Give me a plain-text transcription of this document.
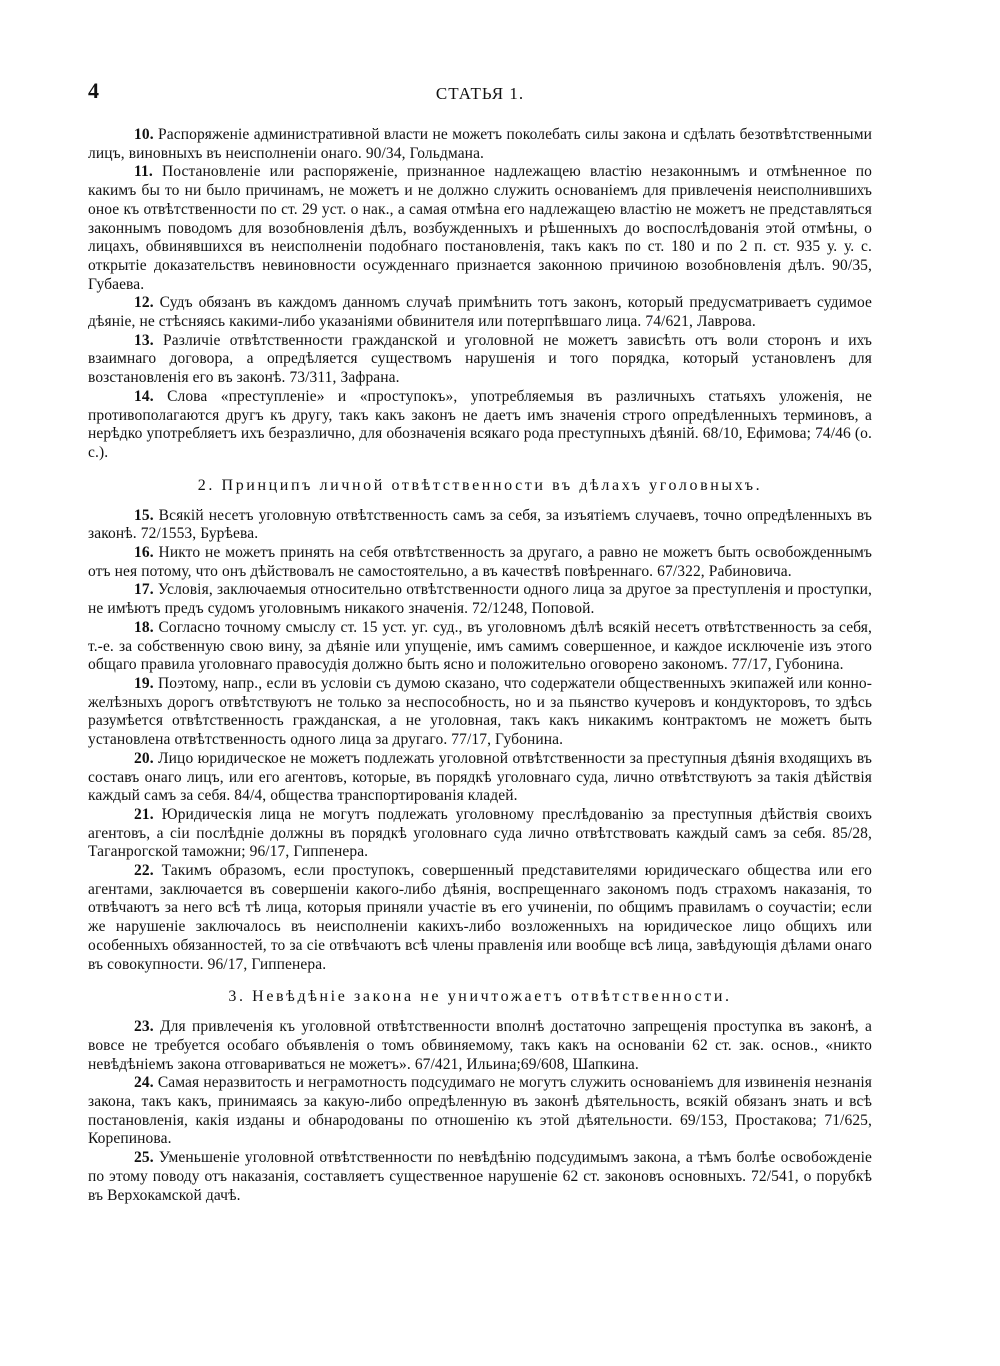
4	СТАТЬЯ 1.

10. Распоряженіе административной власти не можетъ поколебать силы закона и сдѣлать безотвѣтственными лицъ, виновныхъ въ неисполненіи онаго. 90/34, Гольдмана.

11. Постановленіе или распоряженіе, признанное надлежащею властію незаконнымъ и отмѣненное по какимъ бы то ни было причинамъ, не можетъ и не должно служить основаніемъ для привлеченія неисполнившихъ оное къ отвѣтственности по ст. 29 уст. о нак., а самая отмѣна его надлежащею властію не можетъ не представляться законнымъ поводомъ для возобновленія дѣлъ, возбужденныхъ и рѣшенныхъ до воспослѣдованія этой отмѣны, о лицахъ, обвинявшихся въ неисполненіи подобнаго постановленія, такъ какъ по ст. 180 и по 2 п. ст. 935 у. у. с. открытіе доказательствъ невиновности осужденнаго признается законною причиною возобновленія дѣлъ. 90/35, Губаева.

12. Судъ обязанъ въ каждомъ данномъ случаѣ примѣнить тотъ законъ, который предусматриваетъ судимое дѣяніе, не стѣсняясь какими-либо указаніями обвинителя или потерпѣвшаго лица. 74/621, Лаврова.

13. Различіе отвѣтственности гражданской и уголовной не можетъ зависѣть отъ воли сторонъ и ихъ взаимнаго договора, а опредѣляется существомъ нарушенія и того порядка, который установленъ для возстановленія его въ законѣ. 73/311, Зафрана.

14. Слова «преступленіе» и «проступокъ», употребляемыя въ различныхъ статьяхъ уложенія, не противополагаются другъ къ другу, такъ какъ законъ не даетъ имъ значенія строго опредѣленныхъ терминовъ, а нерѣдко употребляетъ ихъ безразлично, для обозначенія всякаго рода преступныхъ дѣяній. 68/10, Ефимова; 74/46 (о. с.).

2. Принципъ личной отвѣтственности въ дѣлахъ уголовныхъ.

15. Всякій несетъ уголовную отвѣтственность самъ за себя, за изъятіемъ случаевъ, точно опредѣленныхъ въ законѣ. 72/1553, Бурѣева.

16. Никто не можетъ принять на себя отвѣтственность за другаго, а равно не можетъ быть освобожденнымъ отъ нея потому, что онъ дѣйствовалъ не самостоятельно, а въ качествѣ повѣреннаго. 67/322, Рабиновича.

17. Условія, заключаемыя относительно отвѣтственности одного лица за другое за преступленія и проступки, не имѣютъ предъ судомъ уголовнымъ никакого значенія. 72/1248, Поповой.

18. Согласно точному смыслу ст. 15 уст. уг. суд., въ уголовномъ дѣлѣ всякій несетъ отвѣтственность за себя, т.-е. за собственную свою вину, за дѣяніе или упущеніе, имъ самимъ совершенное, и каждое исключеніе изъ этого общаго правила уголовнаго правосудія должно быть ясно и положительно оговорено закономъ. 77/17, Губонина.

19. Поэтому, напр., если въ условіи съ думою сказано, что содержатели общественныхъ экипажей или конно-желѣзныхъ дорогъ отвѣтствуютъ не только за неспособность, но и за пьянство кучеровъ и кондукторовъ, то здѣсь разумѣется отвѣтственность гражданская, а не уголовная, такъ какъ никакимъ контрактомъ не можетъ быть установлена отвѣтственность одного лица за другаго. 77/17, Губонина.

20. Лицо юридическое не можетъ подлежать уголовной отвѣтственности за преступныя дѣянія входящихъ въ составъ онаго лицъ, или его агентовъ, которые, въ порядкѣ уголовнаго суда, лично отвѣтствуютъ за такія дѣйствія каждый самъ за себя. 84/4, общества транспортированія кладей.

21. Юридическія лица не могутъ подлежать уголовному преслѣдованію за преступныя дѣйствія своихъ агентовъ, а сіи послѣдніе должны въ порядкѣ уголовнаго суда лично отвѣтствовать каждый самъ за себя. 85/28, Таганрогской таможни; 96/17, Гиппенера.

22. Такимъ образомъ, если проступокъ, совершенный представителями юридическаго общества или его агентами, заключается въ совершеніи какого-либо дѣянія, воспрещеннаго закономъ подъ страхомъ наказанія, то отвѣчаютъ за него всѣ тѣ лица, которыя приняли участіе въ его учиненіи, по общимъ правиламъ о соучастіи; если же нарушеніе заключалось въ неисполненіи какихъ-либо возложенныхъ на юридическое лицо общихъ или особенныхъ обязанностей, то за сіе отвѣчаютъ всѣ члены правленія или вообще всѣ лица, завѣдующія дѣлами онаго въ совокупности. 96/17, Гиппенера.

3. Невѣдѣніе закона не уничтожаетъ отвѣтственности.

23. Для привлеченія къ уголовной отвѣтственности вполнѣ достаточно запрещенія проступка въ законѣ, а вовсе не требуется особаго объявленія о томъ обвиняемому, такъ какъ на основаніи 62 ст. зак. основ., «никто невѣдѣніемъ закона отговариваться не можетъ». 67/421, Ильина;69/608, Шапкина.

24. Самая неразвитость и неграмотность подсудимаго не могутъ служить основаніемъ для извиненія незнанія закона, такъ какъ, принимаясь за какую-либо опредѣленную въ законѣ дѣятельность, всякій обязанъ знать и всѣ постановленія, какія изданы и обнародованы по отношенію къ этой дѣятельности. 69/153, Простакова; 71/625, Корепинова.

25. Уменьшеніе уголовной отвѣтственности по невѣдѣнію подсудимымъ закона, а тѣмъ болѣе освобожденіе по этому поводу отъ наказанія, составляетъ существенное нарушеніе 62 ст. законовъ основныхъ. 72/541, о порубкѣ въ Верхокамской дачѣ.
